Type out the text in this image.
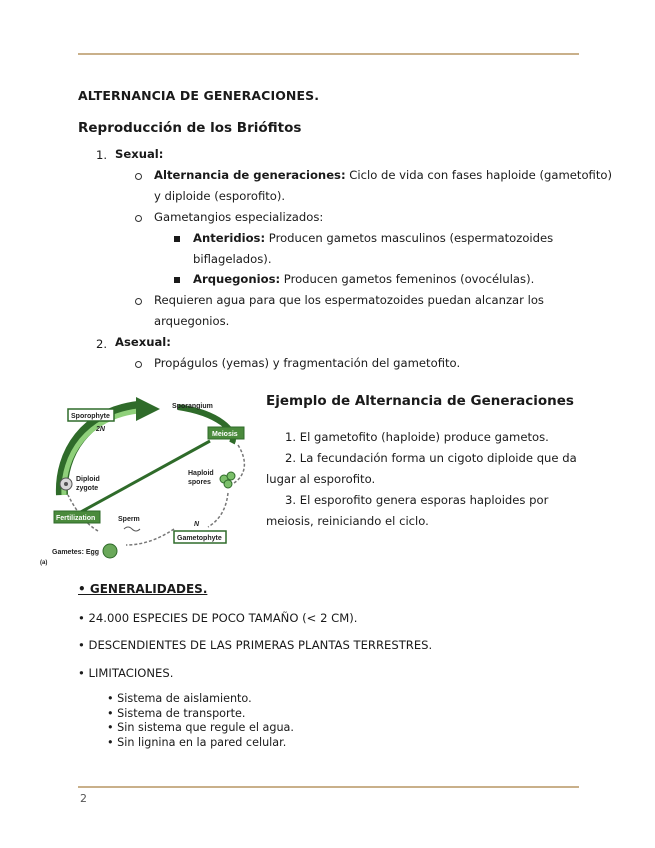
ALTERNANCIA DE GENERACIONES.
Reproducción de los Briófitos
1. Sexual:
Alternancia de generaciones: Ciclo de vida con fases haploide (gametofito)
y diploide (esporofito).
Gametangios especializados:
Anteridios: Producen gametos masculinos (espermatozoides
biflagelados).
Arquegonios: Producen gametos femeninos (ovocélulas).
Requieren agua para que los espermatozoides puedan alcanzar los
arquegonios.
2. Asexual:
Propágulos (yemas) y fragmentación del gametofito.
Sporophyte
2N
Sporangium
Meiosis
Haploid
spores
Diploid
zygote
Fertilization	Sperm
N
Gametophyte
Gametes: Egg
(a)
Ejemplo de Alternancia de Generaciones
1. El gametofito (haploide) produce gametos.
2. La fecundación forma un cigoto diploide que da
lugar al esporofito.
3. El esporofito genera esporas haploides por
meiosis, reiniciando el ciclo.
• GENERALIDADES.
• 24.000 ESPECIES DE POCO TAMAÑO (< 2 CM).
• DESCENDIENTES DE LAS PRIMERAS PLANTAS TERRESTRES.
• LIMITACIONES.
• Sistema de aislamiento.
• Sistema de transporte.
• Sin sistema que regule el agua.
• Sin lignina en la pared celular.
2
